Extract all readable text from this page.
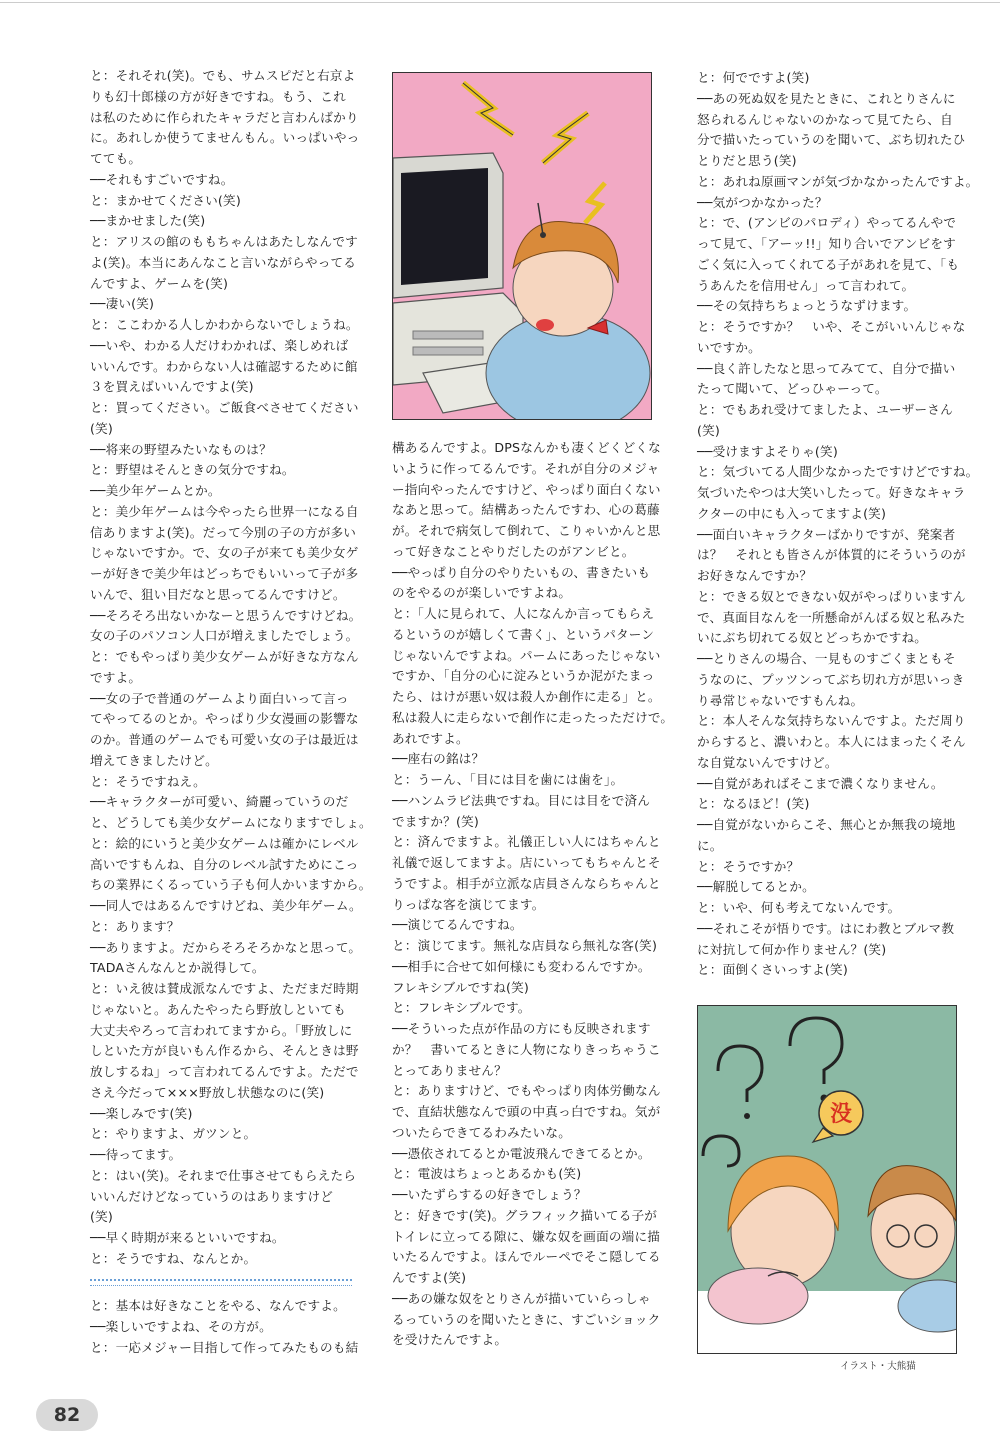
と：それそれ(笑)。でも、サムスピだと右京よ

りも幻十郎様の方が好きですね。もう、これ

は私のために作られたキャラだと言わんばかり

に。あれしか使うてませんもん。いっぱいやっ

てても。

──それもすごいですね。

と：まかせてください(笑)

──まかせました(笑)

と：アリスの館のももちゃんはあたしなんです

よ(笑)。本当にあんなこと言いながらやってる

んですよ、ゲームを(笑)

──凄い(笑)

と：ここわかる人しかわからないでしょうね。

──いや、わかる人だけわかれば、楽しめれば

いいんです。わからない人は確認するために館

３を買えばいいんですよ(笑)

と：買ってください。ご飯食べさせてください

(笑)

──将来の野望みたいなものは？

と：野望はそんときの気分ですね。

──美少年ゲームとか。

と：美少年ゲームは今やったら世界一になる自

信ありますよ(笑)。だって今別の子の方が多い

じゃないですか。で、女の子が来ても美少女ゲ

ーが好きで美少年はどっちでもいいって子が多

いんで、狙い目だなと思ってるんですけど。

──そろそろ出ないかなーと思うんですけどね。

女の子のパソコン人口が増えましたでしょう。

と：でもやっぱり美少女ゲームが好きな方なん

ですよ。

──女の子で普通のゲームより面白いって言っ

てやってるのとか。やっぱり少女漫画の影響な

のか。普通のゲームでも可愛い女の子は最近は

増えてきましたけど。

と：そうですねえ。

──キャラクターが可愛い、綺麗っていうのだ

と、どうしても美少女ゲームになりますでしょ。

と：絵的にいうと美少女ゲームは確かにレベル

高いですもんね、自分のレベル試すためにこっ

ちの業界にくるっていう子も何人かいますから。

──同人ではあるんですけどね、美少年ゲーム。

と：あります？

──ありますよ。だからそろそろかなと思って。

TADAさんなんとか説得して。

と：いえ彼は賛成派なんですよ、ただまだ時期

じゃないと。あんたやったら野放しといても

大丈夫やろって言われてますから。「野放しに

しといた方が良いもん作るから、そんときは野

放しするね」って言われてるんですよ。ただで

さえ今だって×××野放し状態なのに(笑)

──楽しみです(笑)

と：やりますよ、ガツンと。

──待ってます。

と：はい(笑)。それまで仕事させてもらえたら

いいんだけどなっていうのはありますけど

(笑)

──早く時期が来るといいですね。

と：そうですね、なんとか。

と：基本は好きなことをやる、なんですよ。

──楽しいですよね、その方が。

と：一応メジャー目指して作ってみたものも結

構あるんですよ。DPSなんかも凄くどくどくな

いように作ってるんです。それが自分のメジャ

ー指向やったんですけど、やっぱり面白くない

なあと思って。結構あったんですわ、心の葛藤

が。それで病気して倒れて、こりゃいかんと思

って好きなことやりだしたのがアンビと。

──やっぱり自分のやりたいもの、書きたいも

のをやるのが楽しいですよね。

と：「人に見られて、人になんか言ってもらえ

るというのが嬉しくて書く」、というパターン

じゃないんですよね。パームにあったじゃない

ですか、「自分の心に淀みというか泥がたまっ

たら、はけが悪い奴は殺人か創作に走る」と。

私は殺人に走らないで創作に走ったっただけで。

あれですよ。

──座右の銘は？

と：うーん、「目には目を歯には歯を」。

──ハンムラビ法典ですね。目には目をで済ん

でますか？(笑)

と：済んでますよ。礼儀正しい人にはちゃんと

礼儀で返してますよ。店にいってもちゃんとそ

うですよ。相手が立派な店員さんならちゃんと

りっぱな客を演じてます。

──演じてるんですね。

と：演じてます。無礼な店員なら無礼な客(笑)

──相手に合せて如何様にも変わるんですか。

フレキシブルですね(笑)

と：フレキシブルです。

──そういった点が作品の方にも反映されます

か？　書いてるときに人物になりきっちゃうこ

とってありません？

と：ありますけど、でもやっぱり肉体労働なん

で、直結状態なんで頭の中真っ白ですね。気が

ついたらできてるわみたいな。

──憑依されてるとか電波飛んできてるとか。

と：電波はちょっとあるかも(笑)

──いたずらするの好きでしょう？

と：好きです(笑)。グラフィック描いてる子が

トイレに立ってる隙に、嫌な奴を画面の端に描

いたるんですよ。ほんでルーペでそこ隠してる

んですよ(笑)

──あの嫌な奴をとりさんが描いていらっしゃ

るっていうのを聞いたときに、すごいショック

を受けたんですよ。

と：何でですよ(笑)

──あの死ぬ奴を見たときに、これとりさんに

怒られるんじゃないのかなって見てたら、自

分で描いたっていうのを聞いて、ぶち切れたひ

とりだと思う(笑)

と：あれね原画マンが気づかなかったんですよ。

──気がつかなかった？

と：で、(アンビのパロディ）やってるんやで

って見て、「アーッ!!」知り合いでアンビをす

ごく気に入ってくれてる子があれを見て、「も

うあんたを信用せん」って言われて。

──その気持ちちょっとうなずけます。

と：そうですか？　いや、そこがいいんじゃな

いですか。

──良く許したなと思ってみてて、自分で描い

たって聞いて、どっひゃーって。

と：でもあれ受けてましたよ、ユーザーさん

(笑)

──受けますよそりゃ(笑)

と：気づいてる人間少なかったですけどですね。

気づいたやつは大笑いしたって。好きなキャラ

クターの中にも入ってますよ(笑)

──面白いキャラクターばかりですが、発案者

は？　それとも皆さんが体質的にそういうのが

お好きなんですか？

と：できる奴とできない奴がやっぱりいますん

で、真面目なんを一所懸命がんばる奴と私みた

いにぶち切れてる奴とどっちかですね。

──とりさんの場合、一見ものすごくまともそ

うなのに、プッツンってぶち切れ方が思いっき

り尋常じゃないですもんね。

と：本人そんな気持ちないんですよ。ただ周り

からすると、濃いわと。本人にはまったくそん

な自覚ないんですけど。

──自覚があればそこまで濃くなりません。

と：なるほど！(笑)

──自覚がないからこそ、無心とか無我の境地

に。

と：そうですか？

──解脱してるとか。

と：いや、何も考えてないんです。

──それこそが悟りです。はにわ教とブルマ教

に対抗して何か作りません？(笑)

と：面倒くさいっすよ(笑)

没
イラスト・大熊猫
82
